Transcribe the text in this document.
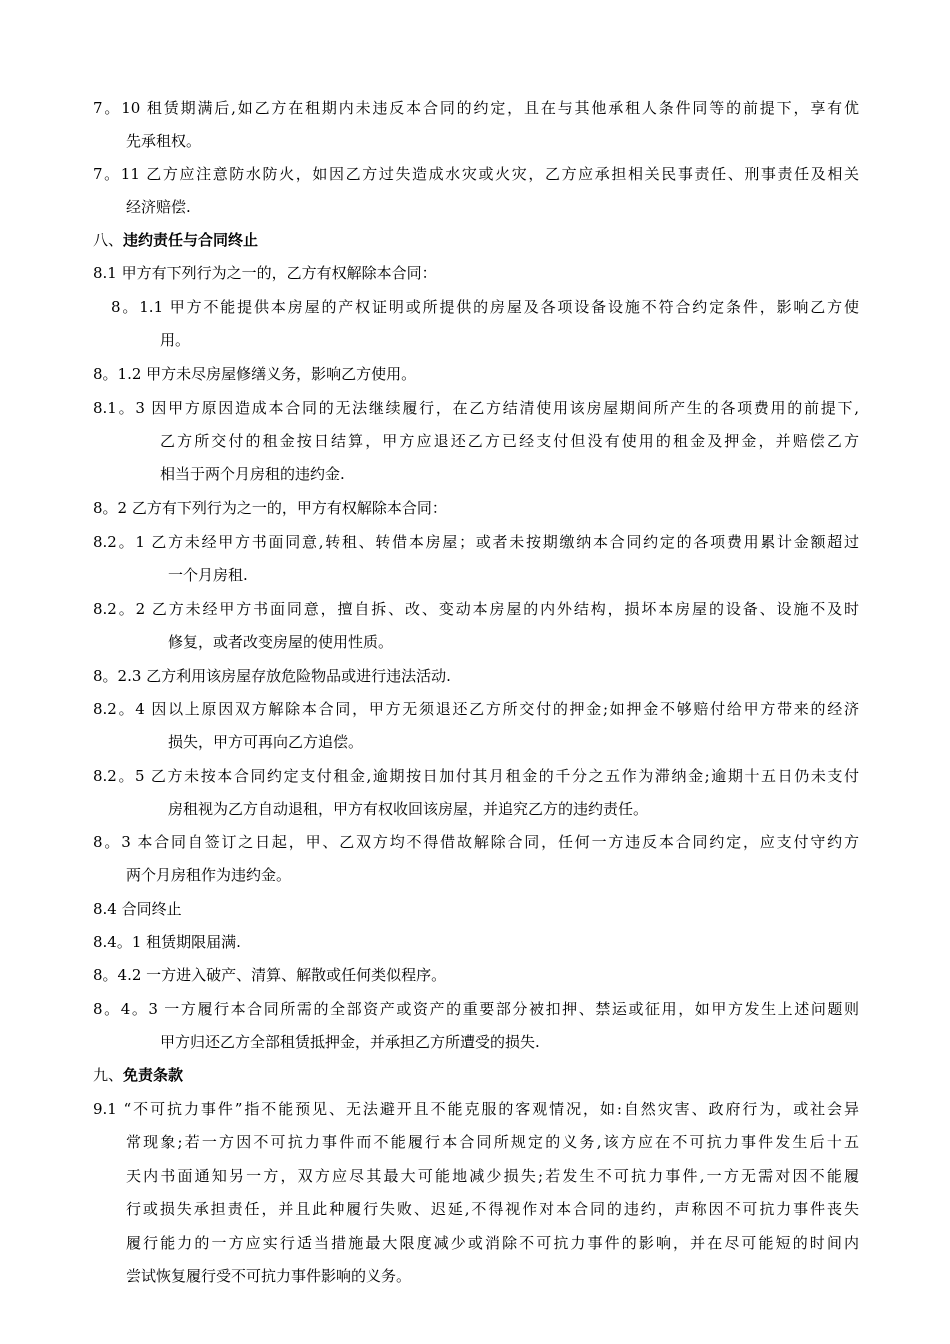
7。10 租赁期满后,如乙方在租期内未违反本合同的约定，且在与其他承租人条件同等的前提下，享有优
先承租权。
7。11 乙方应注意防水防火，如因乙方过失造成水灾或火灾，乙方应承担相关民事责任、刑事责任及相关
经济赔偿.
八、违约责任与合同终止
8.1 甲方有下列行为之一的，乙方有权解除本合同：
8。1.1 甲方不能提供本房屋的产权证明或所提供的房屋及各项设备设施不符合约定条件，影响乙方使
用。
8。1.2 甲方未尽房屋修缮义务，影响乙方使用。
8.1。3 因甲方原因造成本合同的无法继续履行，在乙方结清使用该房屋期间所产生的各项费用的前提下,
乙方所交付的租金按日结算，甲方应退还乙方已经支付但没有使用的租金及押金，并赔偿乙方
相当于两个月房租的违约金.
8。2 乙方有下列行为之一的，甲方有权解除本合同：
8.2。1 乙方未经甲方书面同意,转租、转借本房屋；或者未按期缴纳本合同约定的各项费用累计金额超过
一个月房租.
8.2。2 乙方未经甲方书面同意，擅自拆、改、变动本房屋的内外结构，损坏本房屋的设备、设施不及时
修复，或者改变房屋的使用性质。
8。2.3 乙方利用该房屋存放危险物品或进行违法活动.
8.2。4 因以上原因双方解除本合同，甲方无须退还乙方所交付的押金;如押金不够赔付给甲方带来的经济
损失，甲方可再向乙方追偿。
8.2。5 乙方未按本合同约定支付租金,逾期按日加付其月租金的千分之五作为滞纳金;逾期十五日仍未支付
房租视为乙方自动退租，甲方有权收回该房屋，并追究乙方的违约责任。
8。3 本合同自签订之日起，甲、乙双方均不得借故解除合同，任何一方违反本合同约定，应支付守约方
两个月房租作为违约金。
8.4 合同终止
8.4。1 租赁期限届满.
8。4.2 一方进入破产、清算、解散或任何类似程序。
8。4。3 一方履行本合同所需的全部资产或资产的重要部分被扣押、禁运或征用，如甲方发生上述问题则
甲方归还乙方全部租赁抵押金，并承担乙方所遭受的损失.
九、免责条款
9.1 “不可抗力事件”指不能预见、无法避开且不能克服的客观情况，如:自然灾害、政府行为，或社会异
常现象;若一方因不可抗力事件而不能履行本合同所规定的义务,该方应在不可抗力事件发生后十五
天内书面通知另一方，双方应尽其最大可能地减少损失;若发生不可抗力事件,一方无需对因不能履
行或损失承担责任，并且此种履行失败、迟延,不得视作对本合同的违约，声称因不可抗力事件丧失
履行能力的一方应实行适当措施最大限度减少或消除不可抗力事件的影响，并在尽可能短的时间内
尝试恢复履行受不可抗力事件影响的义务。
